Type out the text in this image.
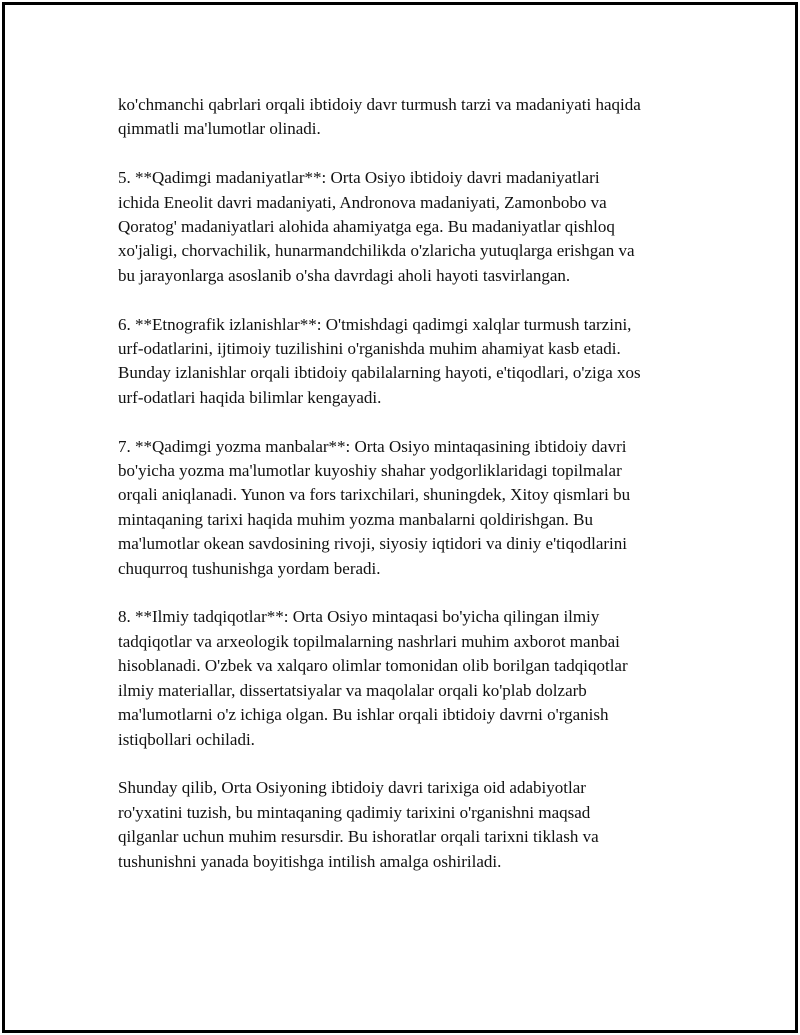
ko'chmanchi qabrlari orqali ibtidoiy davr turmush tarzi va madaniyati haqida
qimmatli ma'lumotlar olinadi.

5. **Qadimgi madaniyatlar**: Orta Osiyo ibtidoiy davri madaniyatlari
ichida Eneolit davri madaniyati, Andronova madaniyati, Zamonbobo va
Qoratog' madaniyatlari alohida ahamiyatga ega. Bu madaniyatlar qishloq
xo'jaligi, chorvachilik, hunarmandchilikda o'zlaricha yutuqlarga erishgan va
bu jarayonlarga asoslanib o'sha davrdagi aholi hayoti tasvirlangan.

6. **Etnografik izlanishlar**: O'tmishdagi qadimgi xalqlar turmush tarzini,
urf-odatlarini, ijtimoiy tuzilishini o'rganishda muhim ahamiyat kasb etadi.
Bunday izlanishlar orqali ibtidoiy qabilalarning hayoti, e'tiqodlari, o'ziga xos
urf-odatlari haqida bilimlar kengayadi.

7. **Qadimgi yozma manbalar**: Orta Osiyo mintaqasining ibtidoiy davri
bo'yicha yozma ma'lumotlar kuyoshiy shahar yodgorliklaridagi topilmalar
orqali aniqlanadi. Yunon va fors tarixchilari, shuningdek, Xitoy qismlari bu
mintaqaning tarixi haqida muhim yozma manbalarni qoldirishgan. Bu
ma'lumotlar okean savdosining rivoji, siyosiy iqtidori va diniy e'tiqodlarini
chuqurroq tushunishga yordam beradi.

8. **Ilmiy tadqiqotlar**: Orta Osiyo mintaqasi bo'yicha qilingan ilmiy
tadqiqotlar va arxeologik topilmalarning nashrlari muhim axborot manbai
hisoblanadi. O'zbek va xalqaro olimlar tomonidan olib borilgan tadqiqotlar
ilmiy materiallar, dissertatsiyalar va maqolalar orqali ko'plab dolzarb
ma'lumotlarni o'z ichiga olgan. Bu ishlar orqali ibtidoiy davrni o'rganish
istiqbollari ochiladi.

Shunday qilib, Orta Osiyoning ibtidoiy davri tarixiga oid adabiyotlar
ro'yxatini tuzish, bu mintaqaning qadimiy tarixini o'rganishni maqsad
qilganlar uchun muhim resursdir. Bu ishoratlar orqali tarixni tiklash va
tushunishni yanada boyitishga intilish amalga oshiriladi.
